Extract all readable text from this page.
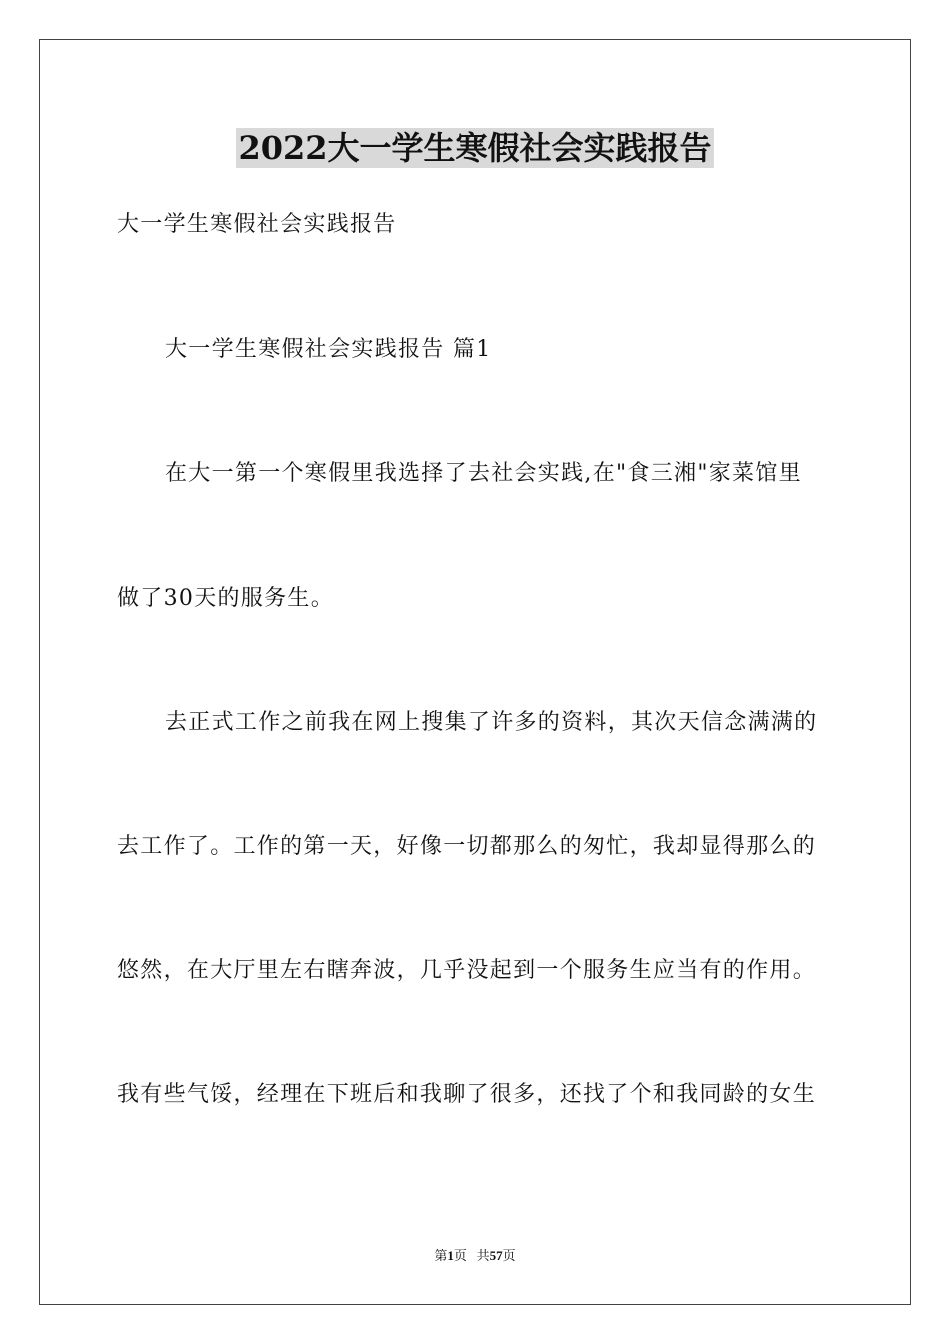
2022大一学生寒假社会实践报告
大一学生寒假社会实践报告
大一学生寒假社会实践报告 篇1
在大一第一个寒假里我选择了去社会实践,在"食三湘"家菜馆里
做了30天的服务生。
去正式工作之前我在网上搜集了许多的资料，其次天信念满满的
去工作了。工作的第一天，好像一切都那么的匆忙，我却显得那么的
悠然，在大厅里左右瞎奔波，几乎没起到一个服务生应当有的作用。
我有些气馁，经理在下班后和我聊了很多，还找了个和我同龄的女生
第1页 共57页
